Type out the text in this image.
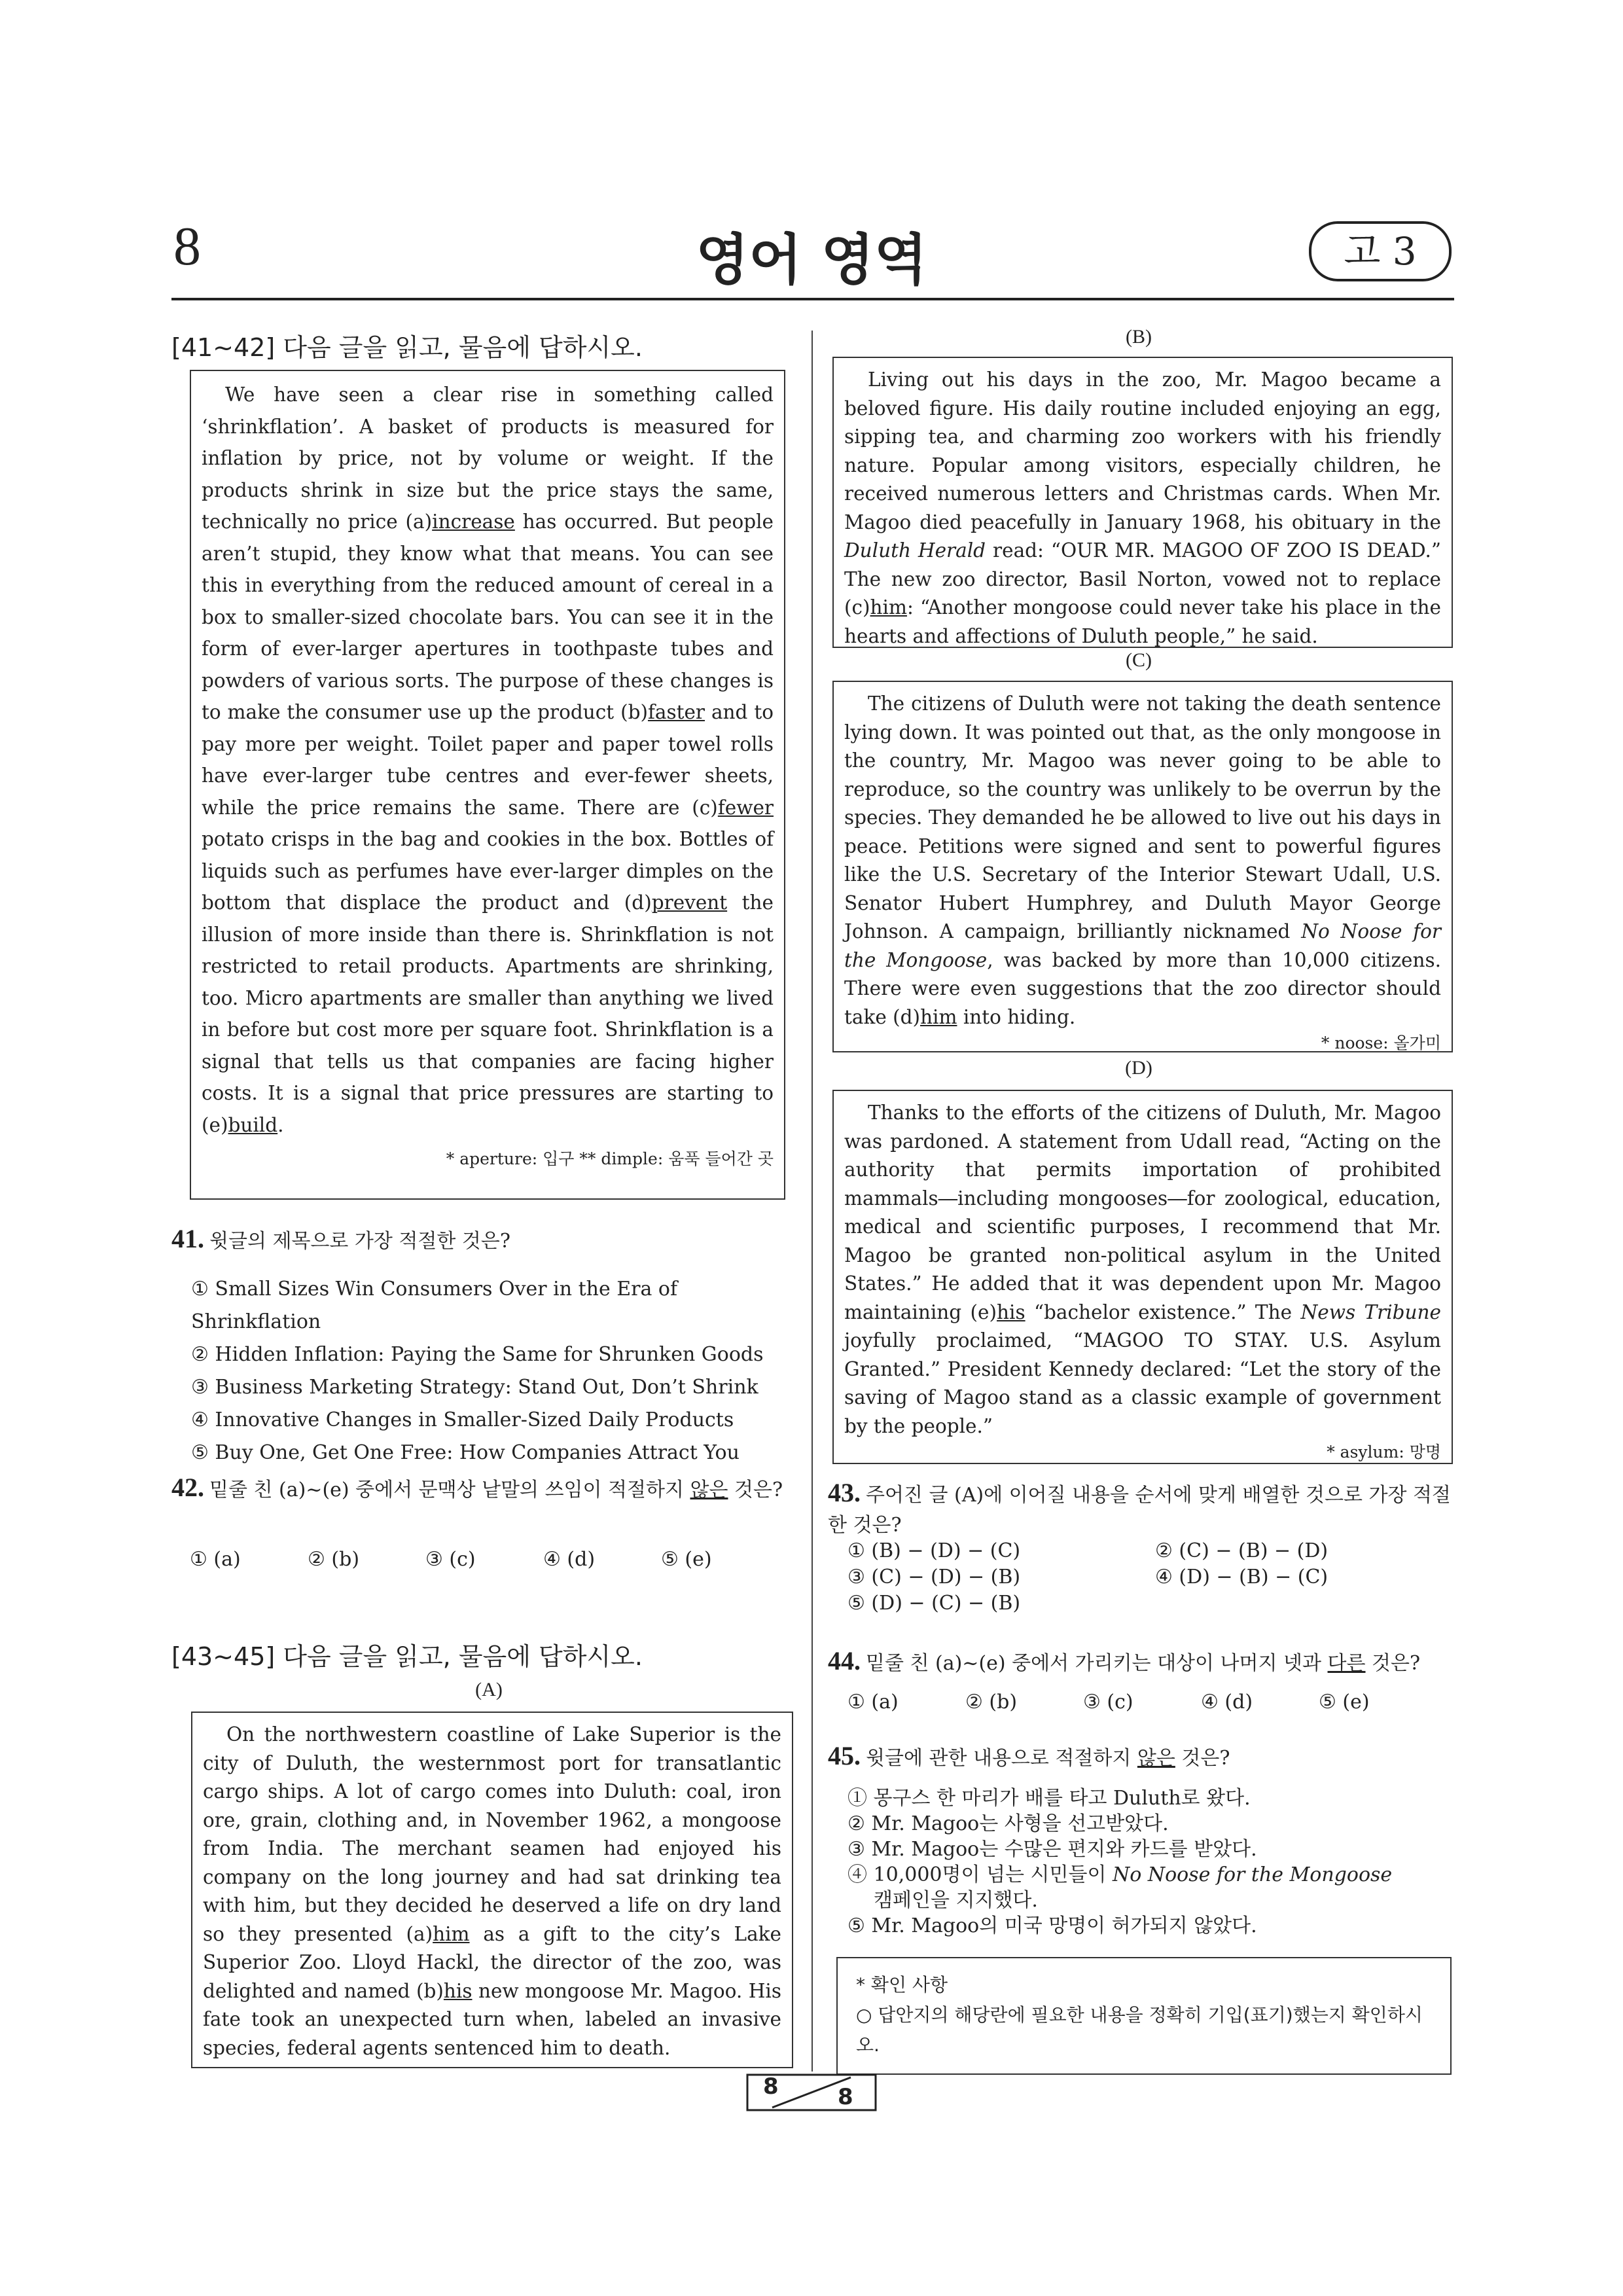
8	영어 영역	고 3
[41~42] 다음 글을 읽고, 물음에 답하시오.

We have seen a clear rise in something called ‘shrinkflation’. A basket of products is measured for inflation by price, not by volume or weight. If the products shrink in size but the price stays the same, technically no price (a)increase has occurred. But people aren’t stupid, they know what that means. You can see this in everything from the reduced amount of cereal in a box to smaller-sized chocolate bars. You can see it in the form of ever-larger apertures in toothpaste tubes and powders of various sorts. The purpose of these changes is to make the consumer use up the product (b)faster and to pay more per weight. Toilet paper and paper towel rolls have ever-larger tube centres and ever-fewer sheets, while the price remains the same. There are (c)fewer potato crisps in the bag and cookies in the box. Bottles of liquids such as perfumes have ever-larger dimples on the bottom that displace the product and (d)prevent the illusion of more inside than there is. Shrinkflation is not restricted to retail products. Apartments are shrinking, too. Micro apartments are smaller than anything we lived in before but cost more per square foot. Shrinkflation is a signal that tells us that companies are facing higher costs. It is a signal that price pressures are starting to (e)build.

* aperture: 입구 ** dimple: 움푹 들어간 곳
41. 윗글의 제목으로 가장 적절한 것은?
① Small Sizes Win Consumers Over in the Era of Shrinkflation
② Hidden Inflation: Paying the Same for Shrunken Goods
③ Business Marketing Strategy: Stand Out, Don’t Shrink
④ Innovative Changes in Smaller-Sized Daily Products
⑤ Buy One, Get One Free: How Companies Attract You
42. 밑줄 친 (a)~(e) 중에서 문맥상 낱말의 쓰임이 적절하지 않은 것은?
① (a)	② (b)	③ (c)	④ (d)	⑤ (e)
[43~45] 다음 글을 읽고, 물음에 답하시오.
(A)

On the northwestern coastline of Lake Superior is the city of Duluth, the westernmost port for transatlantic cargo ships. A lot of cargo comes into Duluth: coal, iron ore, grain, clothing and, in November 1962, a mongoose from India. The merchant seamen had enjoyed his company on the long journey and had sat drinking tea with him, but they decided he deserved a life on dry land so they presented (a)him as a gift to the city’s Lake Superior Zoo. Lloyd Hackl, the director of the zoo, was delighted and named (b)his new mongoose Mr. Magoo. His fate took an unexpected turn when, labeled an invasive species, federal agents sentenced him to death.

(B)

Living out his days in the zoo, Mr. Magoo became a beloved figure. His daily routine included enjoying an egg, sipping tea, and charming zoo workers with his friendly nature. Popular among visitors, especially children, he received numerous letters and Christmas cards. When Mr. Magoo died peacefully in January 1968, his obituary in the Duluth Herald read: “OUR MR. MAGOO OF ZOO IS DEAD.” The new zoo director, Basil Norton, vowed not to replace (c)him: “Another mongoose could never take his place in the hearts and affections of Duluth people,” he said.

(C)

The citizens of Duluth were not taking the death sentence lying down. It was pointed out that, as the only mongoose in the country, Mr. Magoo was never going to be able to reproduce, so the country was unlikely to be overrun by the species. They demanded he be allowed to live out his days in peace. Petitions were signed and sent to powerful figures like the U.S. Secretary of the Interior Stewart Udall, U.S. Senator Hubert Humphrey, and Duluth Mayor George Johnson. A campaign, brilliantly nicknamed No Noose for the Mongoose, was backed by more than 10,000 citizens. There were even suggestions that the zoo director should take (d)him into hiding.

* noose: 올가미
(D)

Thanks to the efforts of the citizens of Duluth, Mr. Magoo was pardoned. A statement from Udall read, “Acting on the authority that permits importation of prohibited mammals―including mongooses―for zoological, education, medical and scientific purposes, I recommend that Mr. Magoo be granted non-political asylum in the United States.” He added that it was dependent upon Mr. Magoo maintaining (e)his “bachelor existence.” The News Tribune joyfully proclaimed, “MAGOO TO STAY. U.S. Asylum Granted.” President Kennedy declared: “Let the story of the saving of Magoo stand as a classic example of government by the people.”

* asylum: 망명
43. 주어진 글 (A)에 이어질 내용을 순서에 맞게 배열한 것으로 가장 적절한 것은?
① (B) − (D) − (C)	② (C) − (B) − (D)
③ (C) − (D) − (B)	④ (D) − (B) − (C)
⑤ (D) − (C) − (B)
44. 밑줄 친 (a)~(e) 중에서 가리키는 대상이 나머지 넷과 다른 것은?
① (a)	② (b)	③ (c)	④ (d)	⑤ (e)
45. 윗글에 관한 내용으로 적절하지 않은 것은?
① 몽구스 한 마리가 배를 타고 Duluth로 왔다.
② Mr. Magoo는 사형을 선고받았다.
③ Mr. Magoo는 수많은 편지와 카드를 받았다.
④ 10,000명이 넘는 시민들이 No Noose for the Mongoose
캠페인을 지지했다.
⑤ Mr. Magoo의 미국 망명이 허가되지 않았다.
* 확인 사항
○ 답안지의 해당란에 필요한 내용을 정확히 기입(표기)했는지 확인하시오.
8	8
